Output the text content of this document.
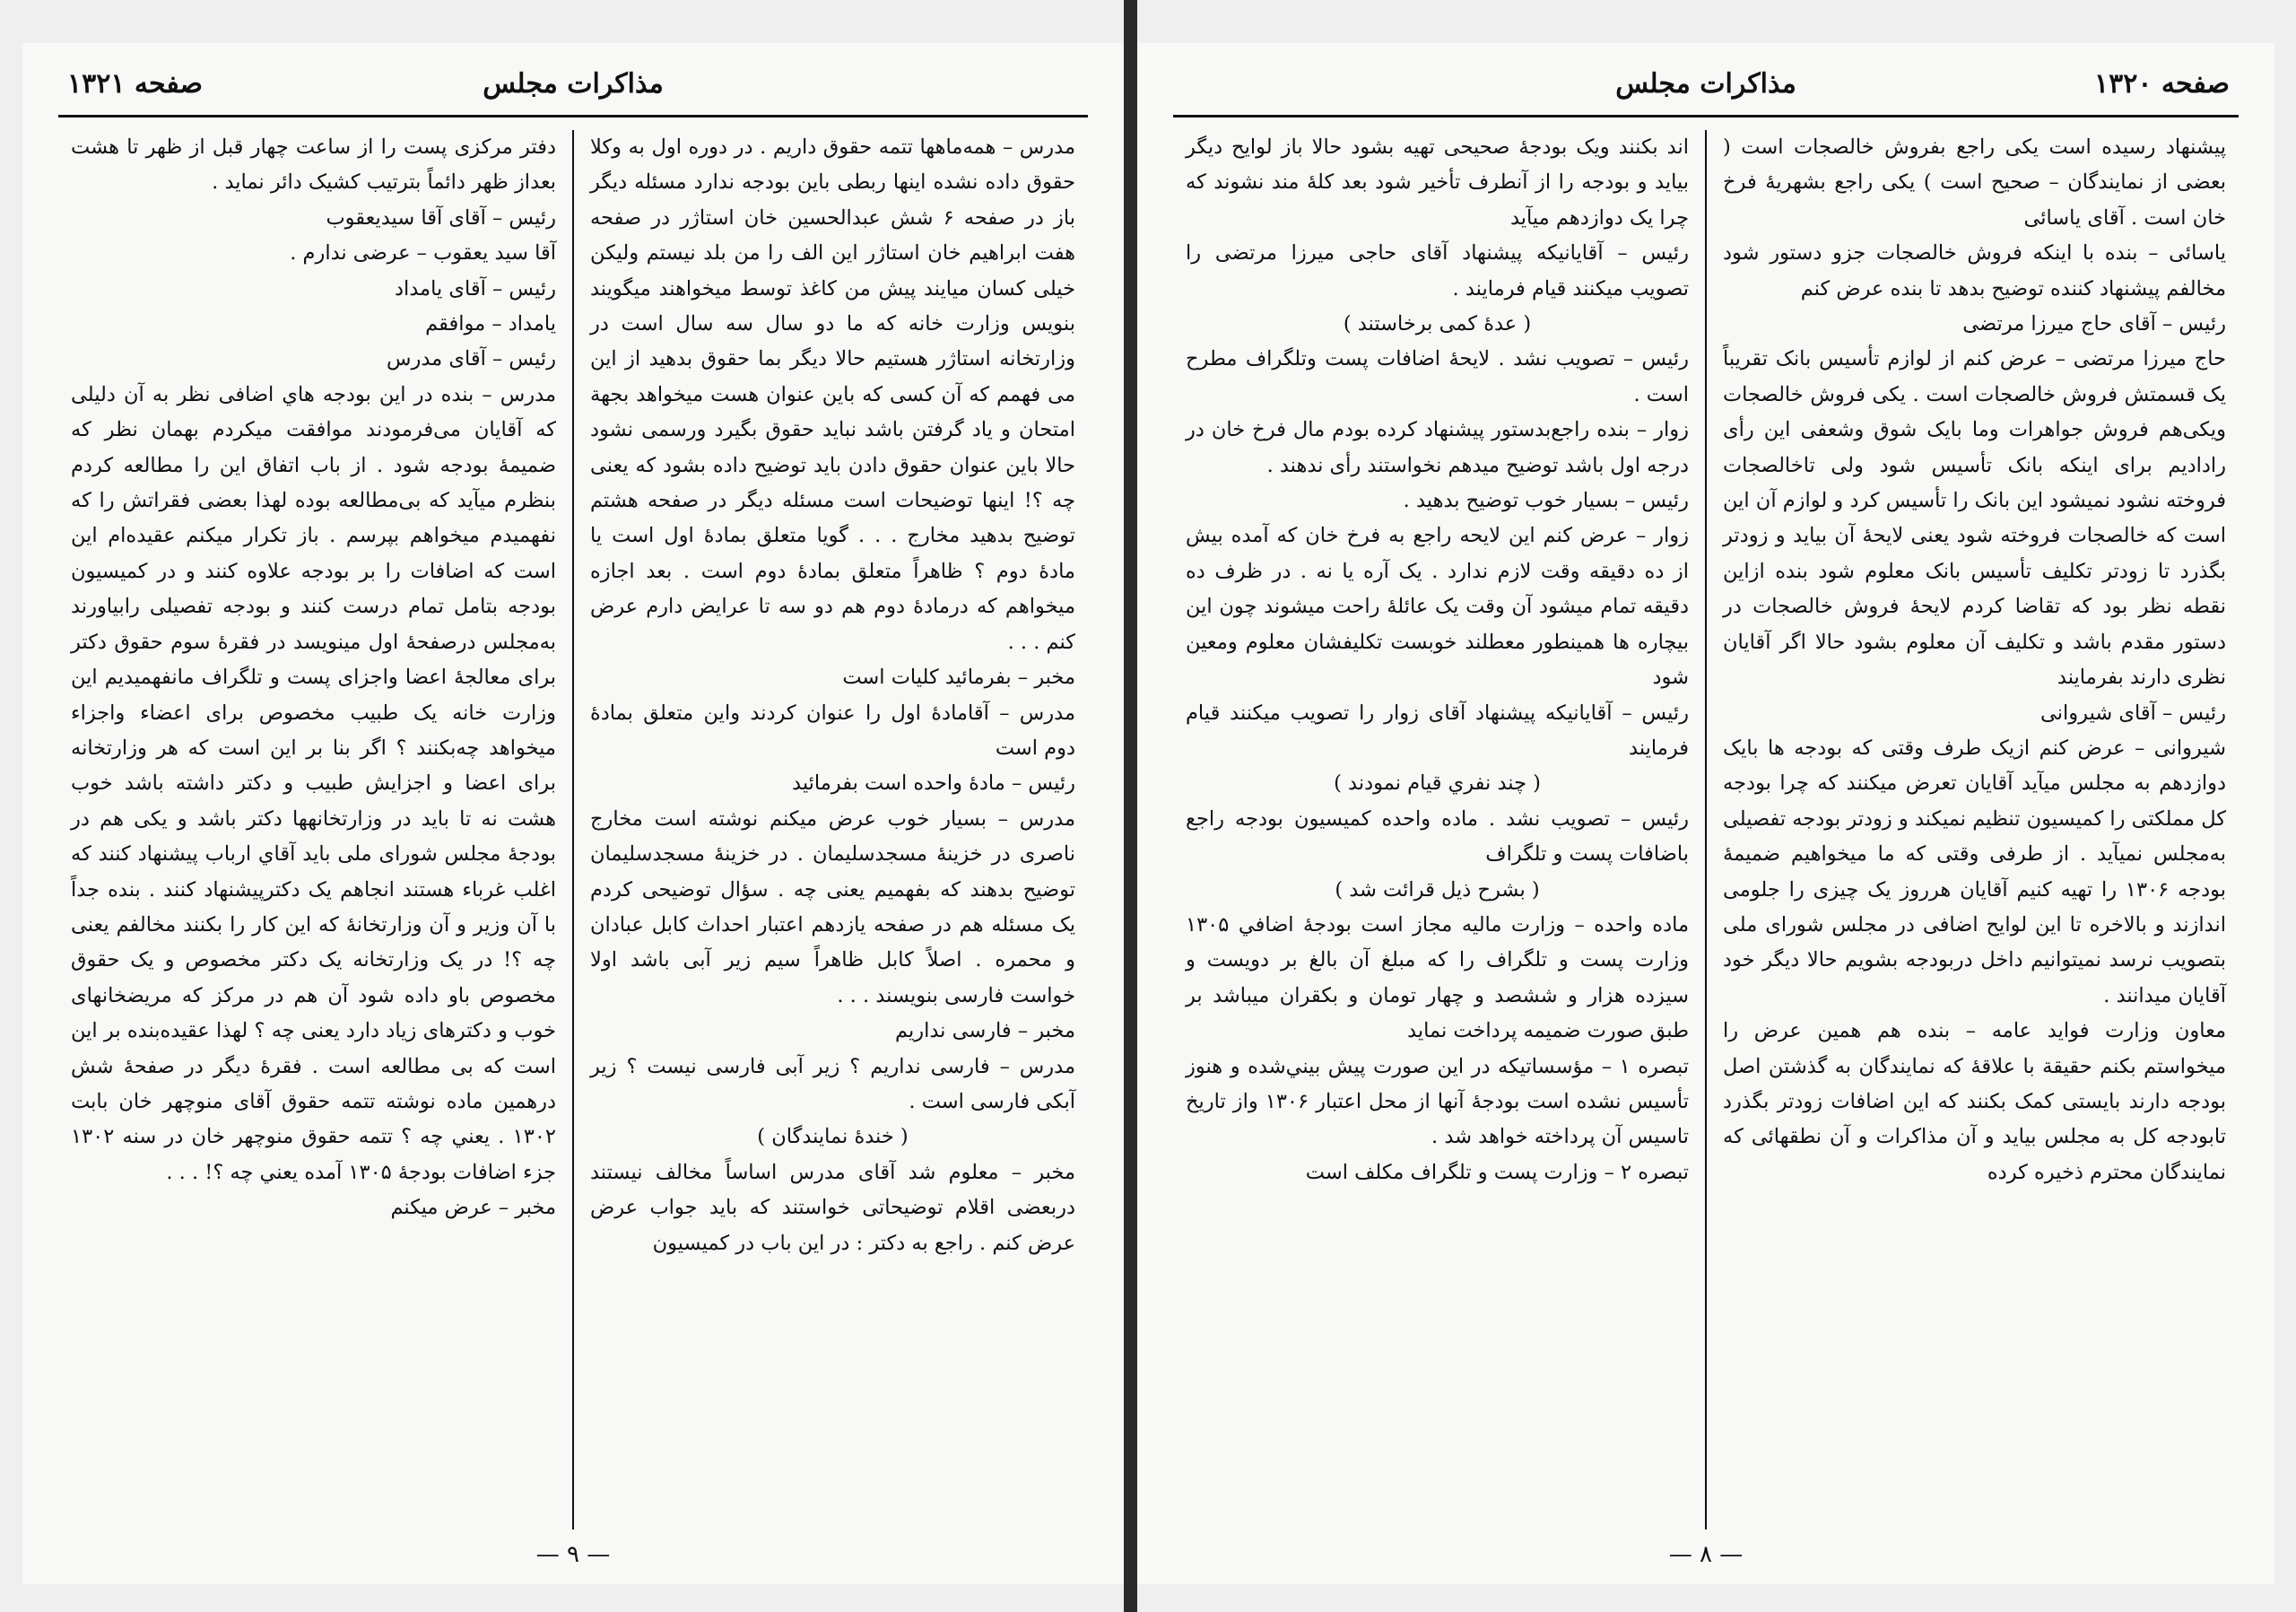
مذاکرات مجلس
صفحه ۱۳۲۱

مدرس – همه‌ماهها تتمه حقوق داریم . در دوره اول به وکلا حقوق داده نشده اینها ربطی باین بودجه ندارد مسئله دیگر باز در صفحه ۶ شش عبدالحسین خان استاژر در صفحه هفت ابراهیم خان استاژر این الف را من بلد نیستم ولیکن خیلی کسان میایند پیش من کاغذ توسط میخواهند میگویند بنویس وزارت خانه که ما دو سال سه سال است در وزارتخانه استاژر هستیم حالا دیگر بما حقوق بدهید از این می فهمم که آن کسی که باین عنوان هست میخواهد بجهة امتحان و یاد گرفتن باشد نباید حقوق بگیرد ورسمی نشود حالا باین عنوان حقوق دادن باید توضیح داده بشود که یعنی چه ؟! اینها توضیحات است مسئله دیگر در صفحه هشتم توضیح بدهید مخارج . . . گویا متعلق بمادهٔ اول است یا مادهٔ دوم ؟ ظاهراً متعلق بمادهٔ دوم است . بعد اجازه میخواهم که درمادهٔ دوم هم دو سه تا عرایض دارم عرض کنم . . .

مخبر – بفرمائید کلیات است

مدرس – آقامادهٔ اول را عنوان کردند واین متعلق بمادهٔ دوم است

رئیس – مادهٔ واحده است بفرمائید

مدرس – بسیار خوب عرض میکنم نوشته است مخارج ناصری در خزینهٔ مسجدسلیمان . در خزینهٔ مسجدسلیمان توضیح بدهند که بفهمیم یعنی چه . سؤال توضیحی کردم یک مسئله هم در صفحه یازدهم اعتبار احداث کابل عبادان و محمره . اصلاً کابل ظاهراً سیم زیر آبی باشد اولا خواست فارسی بنویسند . . .

مخبر – فارسی نداریم

مدرس – فارسی نداریم ؟ زیر آبی فارسی نیست ؟ زیر آبکی فارسی است .

( خندهٔ نمایندگان )

مخبر – معلوم شد آقای مدرس اساساً مخالف نیستند دربعضی اقلام توضیحاتی خواستند که باید جواب عرض عرض کنم . راجع به دکتر : در این باب در کمیسیون

دفتر مرکزی پست را از ساعت چهار قبل از ظهر تا هشت بعداز ظهر دائماً بترتیب کشیک دائر نماید .

رئیس – آقای آقا سیدیعقوب

آقا سید یعقوب – عرضی ندارم .

رئیس – آقای یامداد

یامداد – موافقم

رئیس – آقای مدرس

مدرس – بنده در این بودجه هاي اضافی نظر به آن دلیلی که آقایان می‌فرمودند موافقت میکردم بهمان نظر که ضمیمهٔ بودجه شود . از باب اتفاق این را مطالعه کردم بنظرم میآید که بی‌مطالعه بوده لهذا بعضی فقراتش را که نفهمیدم میخواهم بپرسم . باز تکرار میکنم عقیده‌ام این است که اضافات را بر بودجه علاوه کنند و در کمیسیون بودجه بتامل تمام درست کنند و بودجه تفصیلی رابیاورند به‌مجلس درصفحهٔ اول مینویسد در فقرهٔ سوم حقوق دکتر برای معالجهٔ اعضا واجزای پست و تلگراف مانفهمیدیم این وزارت خانه یک طبیب مخصوص برای اعضاء واجزاء میخواهد چه‌بکنند ؟ اگر بنا بر این است که هر وزارتخانه برای اعضا و اجزایش طبیب و دکتر داشته باشد خوب هشت نه تا باید در وزارتخانهها دکتر باشد و یکی هم در بودجهٔ مجلس شورای ملی باید آقاي ارباب پیشنهاد کنند که اغلب غرباء هستند انجاهم یک دکترپیشنهاد کنند . بنده جداً با آن وزیر و آن وزارتخانهٔ که این کار را بکنند مخالفم یعنی چه ؟! در یک وزارتخانه یک دکتر مخصوص و یک حقوق مخصوص باو داده شود آن هم در مرکز که مریضخانهای خوب و دکترهای زیاد دارد یعنی چه ؟ لهذا عقیده‌بنده بر این است که بی مطالعه است . فقرهٔ دیگر در صفحهٔ شش درهمین ماده نوشته تتمه حقوق آقای منوچهر خان بابت ۱۳۰۲ . یعني چه ؟ تتمه حقوق منوچهر خان در سنه ۱۳۰۲ جزء اضافات بودجهٔ ۱۳۰۵ آمده یعني چه ؟! . . .

مخبر – عرض میکنم

— ۹ —
مذاکرات مجلس	صفحه ۱۳۲۰

پیشنهاد رسیده است یکی راجع بفروش خالصجات است ( بعضی از نمایندگان – صحیح است ) یکی راجع بشهریهٔ فرخ خان است . آقای یاسائی

یاسائی – بنده با اینکه فروش خالصجات جزو دستور شود مخالفم پیشنهاد کننده توضیح بدهد تا بنده عرض کنم

رئیس – آقای حاج میرزا مرتضی

حاج میرزا مرتضی – عرض کنم از لوازم تأسیس بانک تقریباً یک قسمتش فروش خالصجات است . یکی فروش خالصجات ویکی‌هم فروش جواهرات وما بایک شوق وشعفی این رأی رادادیم برای اینکه بانک تأسیس شود ولی تاخالصجات فروخته نشود نمیشود این بانک را تأسیس کرد و لوازم آن این است که خالصجات فروخته شود یعنی لایحهٔ آن بیاید و زودتر بگذرد تا زودتر تکلیف تأسیس بانک معلوم شود بنده ازاین نقطه نظر بود که تقاضا کردم لایحهٔ فروش خالصجات در دستور مقدم باشد و تکلیف آن معلوم بشود حالا اگر آقایان نظری دارند بفرمایند

رئیس – آقای شیروانی

شیروانی – عرض کنم ازیک طرف وقتی که بودجه ها بایک دوازدهم به مجلس میآید آقایان تعرض میکنند که چرا بودجه کل مملکتی را کمیسیون تنظیم نمیکند و زودتر بودجه تفصیلی به‌مجلس نمیآید . از طرفی وقتی که ما میخواهیم ضمیمهٔ بودجه ۱۳۰۶ را تهیه کنیم آقایان هرروز یک چیزی را جلومی اندازند و بالاخره تا این لوایح اضافی در مجلس شورای ملی بتصویب نرسد نمیتوانیم داخل دربودجه بشویم حالا دیگر خود آقایان میدانند .

معاون وزارت فواید عامه – بنده هم همین عرض را میخواستم بکنم حقیقة با علاقهٔ که نمایندگان به گذشتن اصل بودجه دارند بایستی کمک بکنند که این اضافات زودتر بگذرد تابودجه کل به مجلس بیاید و آن مذاکرات و آن نطقهائی که نمایندگان محترم ذخیره کرده

اند بکنند ویک بودجهٔ صحیحی تهیه بشود حالا باز لوایح دیگر بیاید و بودجه را از آنطرف تأخیر شود بعد کلهٔ مند نشوند که چرا یک دوازدهم میآید

رئیس – آقایانیکه پیشنهاد آقای حاجی میرزا مرتضی را تصویب میکنند قیام فرمایند .

( عدهٔ کمی برخاستند )

رئیس – تصویب نشد . لایحهٔ اضافات پست وتلگراف مطرح است .

زوار – بنده راجع‌بدستور پیشنهاد کرده بودم مال فرخ خان در درجه اول باشد توضیح میدهم نخواستند رأی ندهند .

رئیس – بسیار خوب توضیح بدهید .

زوار – عرض کنم این لایحه راجع به فرخ خان که آمده بیش از ده دقیقه وقت لازم ندارد . یک آره یا نه . در ظرف ده دقیقه تمام میشود آن وقت یک عائلهٔ راحت میشوند چون این بیچاره ها همینطور معطلند خوبست تکلیفشان معلوم ومعین شود

رئیس – آقایانیکه پیشنهاد آقای زوار را تصویب میکنند قیام فرمایند

( چند نفري قیام نمودند )

رئیس – تصویب نشد . ماده واحده کمیسیون بودجه راجع باضافات پست و تلگراف

( بشرح ذیل قرائت شد )

ماده واحده – وزارت مالیه مجاز است بودجهٔ اضافي ۱۳۰۵ وزارت پست و تلگراف را که مبلغ آن بالغ بر دویست و سیزده هزار و ششصد و چهار تومان و بکقران میباشد بر طبق صورت ضمیمه پرداخت نماید

تبصره ۱ – مؤسساتیکه در این صورت پیش بیني‌شده و هنوز تأسیس نشده است بودجهٔ آنها از محل اعتبار ۱۳۰۶ واز تاریخ تاسیس آن پرداخته خواهد شد .

تبصره ۲ – وزارت پست و تلگراف مکلف است

— ۸ —
